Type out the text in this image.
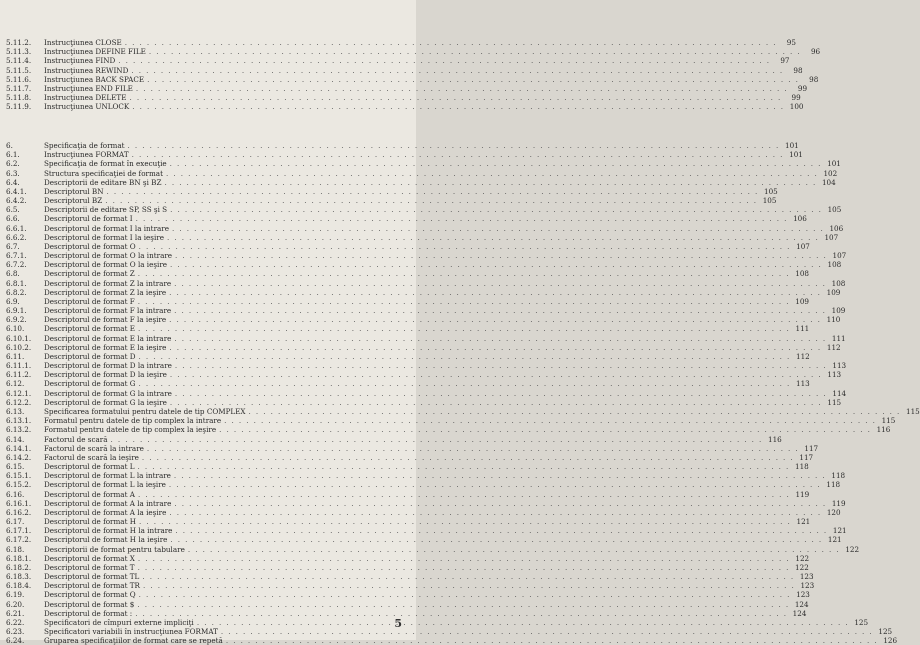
5.11.2.	Instrucţiunea CLOSE . . .	95
5.11.3.	Instrucţiunea DEFINE FILE . . .	96
5.11.4.	Instrucţiunea FIND . . .	97
5.11.5.	Instrucţiunea REWIND . . .	98
5.11.6.	Instrucţiunea BACK SPACE . . .	98
5.11.7.	Instrucţiunea END FILE . . .	99
5.11.8.	Instrucţiunea DELETE . . .	99
5.11.9.	Instrucţiunea UNLOCK . . .	100
6.	Specificaţia de format . . .	101
6.1.	Instrucţiunea FORMAT . . .	101
6.2.	Specificaţia de format în execuţie . . .	101
6.3.	Structura specificaţiei de format . . .	102
6.4.	Descriptorii de editare BN şi BZ . . .	104
6.4.1.	Descriptorul BN . . .	105
6.4.2.	Descriptorul BZ . . .	105
6.5.	Descriptorii de editare SP, SS şi S . . .	105
6.6.	Descriptorul de format I . . .	106
6.6.1.	Descriptorul de format I la intrare . . .	106
6.6.2.	Descriptorul de format I la ieşire . . .	107
6.7.	Descriptorul de format O . . .	107
6.7.1.	Descriptorul de format O la intrare . . .	107
6.7.2.	Descriptorul de format O la ieşire . . .	108
6.8.	Descriptorul de format Z . . .	108
6.8.1.	Descriptorul de format Z la intrare . . .	108
6.8.2.	Descriptorul de format Z la ieşire . . .	109
6.9.	Descriptorul de format F . . .	109
6.9.1.	Descriptorul de format F la intrare . . .	109
6.9.2.	Descriptorul de format F la ieşire . . .	110
6.10.	Descriptorul de format E . . .	111
6.10.1.	Descriptorul de format E la intrare . . .	111
6.10.2.	Descriptorul de format E la ieşire . . .	112
6.11.	Descriptorul de format D . . .	112
6.11.1.	Descriptorul de format D la intrare . . .	113
6.11.2.	Descriptorul de format D la ieşire . . .	113
6.12.	Descriptorul de format G . . .	113
6.12.1.	Descriptorul de format G la intrare . . .	114
6.12.2.	Descriptorul de format G la ieşire . . .	115
6.13.	Specificarea formatului pentru datele de tip COMPLEX . . .	115
6.13.1.	Formatul pentru datele de tip complex la intrare . . .	115
6.13.2.	Formatul pentru datele de tip complex la ieşire . . .	116
6.14.	Factorul de scară . . .	116
6.14.1.	Factorul de scară la intrare . . .	117
6.14.2.	Factorul de scară la ieşire . . .	117
6.15.	Descriptorul de format L . . .	118
6.15.1.	Descriptorul de format L la intrare . . .	118
6.15.2.	Descriptorul de format L la ieşire . . .	118
6.16.	Descriptorul de format A . . .	119
6.16.1.	Descriptorul de format A la intrare . . .	119
6.16.2.	Descriptorul de format A la ieşire . . .	120
6.17.	Descriptorul de format H . . .	121
6.17.1.	Descriptorul de format H la intrare . . .	121
6.17.2.	Descriptorul de format H la ieşire . . .	121
6.18.	Descriptorii de format pentru tabulare . . .	122
6.18.1.	Descriptorul de format X . . .	122
6.18.2.	Descriptorul de format T . . .	122
6.18.3.	Descriptorul de format TL . . .	123
6.18.4.	Descriptorul de format TR . . .	123
6.19.	Descriptorul de format Q . . .	123
6.20.	Descriptorul de format $ . . .	124
6.21.	Descriptorul de format : . . .	124
6.22.	Specificatori de cîmpuri externe impliciţi . . .	125
6.23.	Specificatori variabili în instrucţiunea FORMAT . . .	125
6.24.	Gruparea specificaţiilor de format care se repetă . . .	126
5
